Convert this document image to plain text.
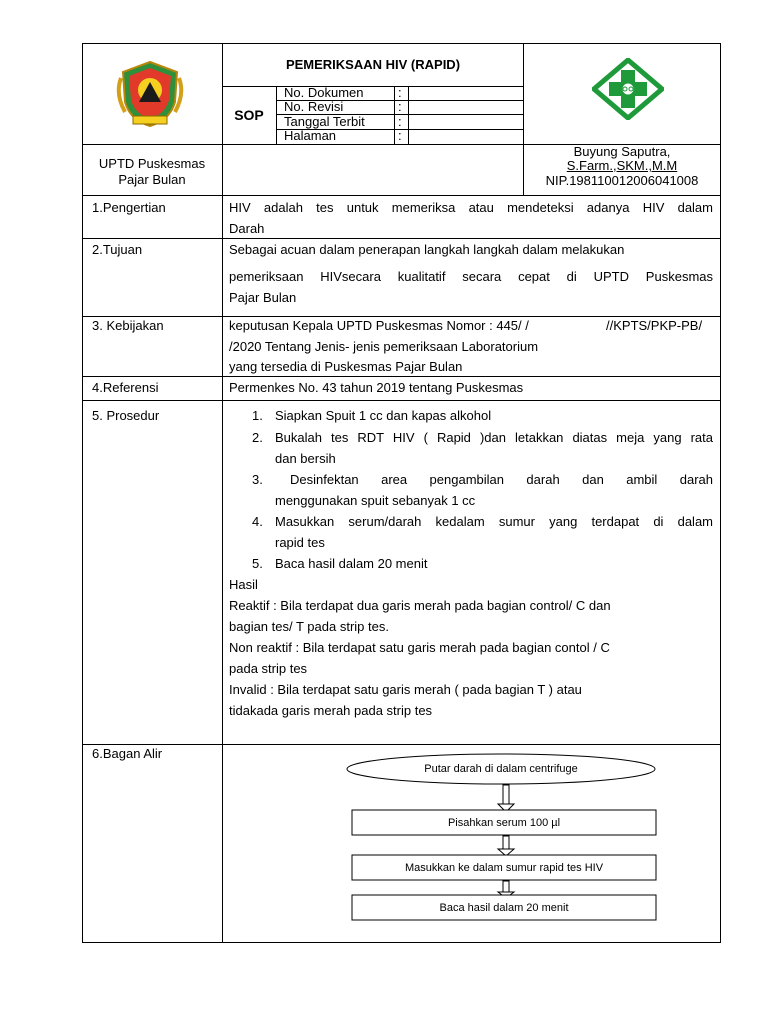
PEMERIKSAAN HIV (RAPID)
SOP
No. Dokumen	:
No. Revisi	:
Tanggal Terbit	:
Halaman	:
UPTD Puskesmas
Pajar Bulan
Buyung Saputra,
S.Farm.,SKM.,M.M
NIP.19811001200604​1008
1.Pengertian	HIV adalah tes untuk memeriksa atau mendeteksi adanya HIV dalam
Darah
2.Tujuan	Sebagai acuan dalam penerapan langkah langkah dalam melakukan
pemeriksaan HIVsecara kualitatif secara cepat di UPTD Puskesmas
Pajar Bulan
3. Kebijakan	keputusan Kepala UPTD Puskesmas Nomor : 445/ /	//KPTS/PKP-PB/
/2020 Tentang Jenis- jenis pemeriksaan Laboratorium
yang tersedia di Puskesmas Pajar Bulan
4.Referensi	Permenkes No. 43 tahun 2019 tentang Puskesmas
5. Prosedur	1. Siapkan Spuit 1 cc dan kapas alkohol
2. Bukalah tes RDT HIV ( Rapid )dan letakkan diatas meja yang rata
dan bersih
3. Desinfektan area pengambilan darah dan ambil darah
menggunakan spuit sebanyak 1 cc
4. Masukkan serum/darah kedalam sumur yang terdapat di dalam
rapid tes
5. Baca hasil dalam 20 menit
Hasil
Reaktif : Bila terdapat dua garis merah pada bagian control/ C dan
bagian tes/ T pada strip tes.
Non reaktif : Bila terdapat satu garis merah pada bagian contol / C
pada strip tes
Invalid : Bila terdapat satu garis merah ( pada bagian T ) atau
tidakada garis merah pada strip tes
6.Bagan Alir
Putar darah di dalam centrifuge
Pisahkan serum 100 µl
Masukkan ke dalam sumur rapid tes HIV
Baca hasil dalam 20 menit
